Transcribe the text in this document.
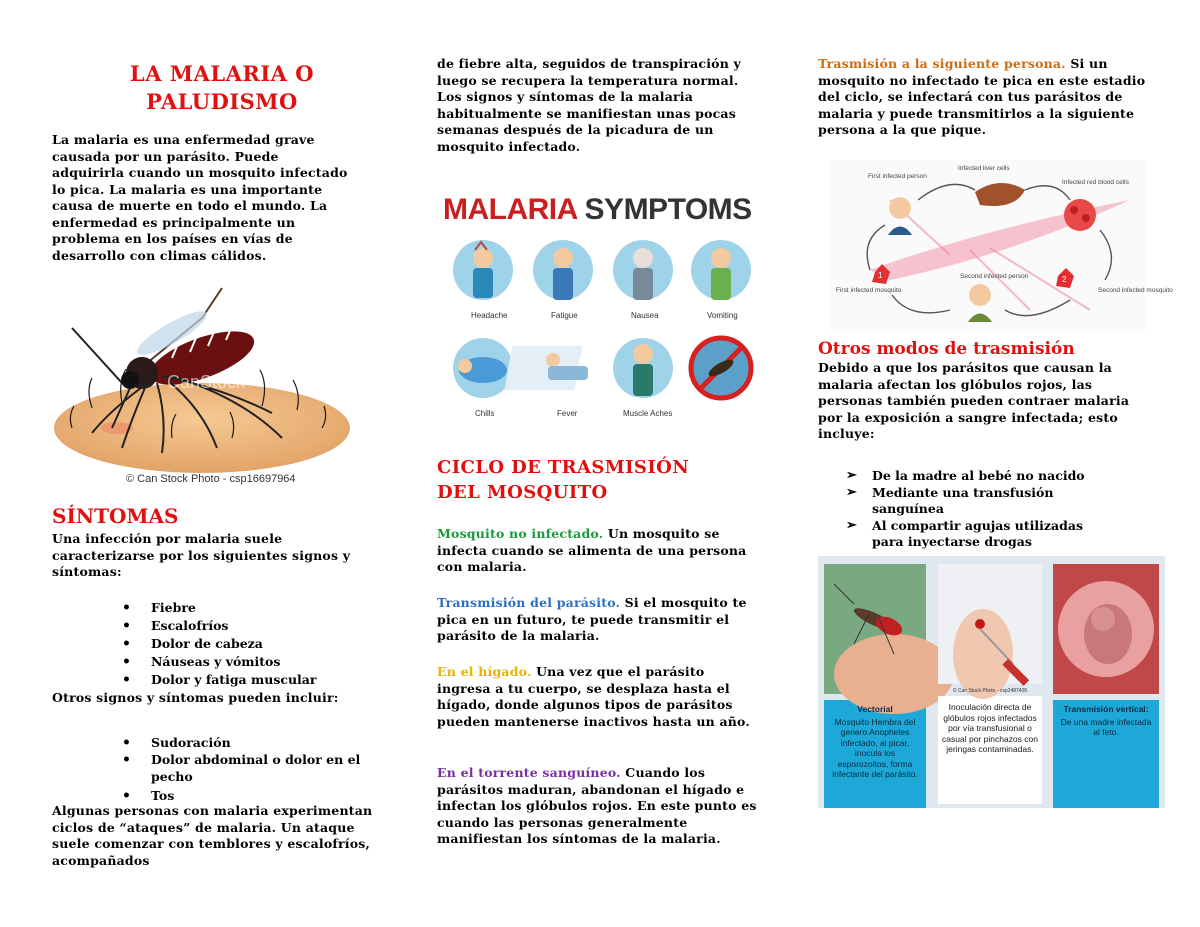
LA MALARIA O
PALUDISMO

La malaria es una enfermedad grave causada por un parásito. Puede adquirirla cuando un mosquito infectado lo pica. La malaria es una importante causa de muerte en todo el mundo. La enfermedad es principalmente un problema en los países en vías de desarrollo con climas cálidos.

CanStock
© Can Stock Photo - csp16697964
SÍNTOMAS

Una infección por malaria suele caracterizarse por los siguientes signos y síntomas:

• Fiebre
• Escalofríos
• Dolor de cabeza
• Náuseas y vómitos
• Dolor y fatiga muscular

Otros signos y síntomas pueden incluir:

• Sudoración
• Dolor abdominal o dolor en el pecho
• Tos

Algunas personas con malaria experimentan ciclos de “ataques” de malaria. Un ataque suele comenzar con temblores y escalofríos, acompañados

de fiebre alta, seguidos de transpiración y luego se recupera la temperatura normal. Los signos y síntomas de la malaria habitualmente se manifiestan unas pocas semanas después de la picadura de un mosquito infectado.

MALARIA SYMPTOMS
Headache	Fatigue	Nausea	Vomiting
Chills	Fever	Muscle Aches
CICLO DE TRASMISIÓN
DEL MOSQUITO

Mosquito no infectado. Un mosquito se infecta cuando se alimenta de una persona con malaria.

Transmisión del parásito. Si el mosquito te pica en un futuro, te puede transmitir el parásito de la malaria.

En el hígado. Una vez que el parásito ingresa a tu cuerpo, se desplaza hasta el hígado, donde algunos tipos de parásitos pueden mantenerse inactivos hasta un año.

En el torrente sanguíneo. Cuando los parásitos maduran, abandonan el hígado e infectan los glóbulos rojos. En este punto es cuando las personas generalmente manifiestan los síntomas de la malaria.

Trasmisión a la siguiente persona. Si un mosquito no infectado te pica en este estadio del ciclo, se infectará con tus parásitos de malaria y puede transmitirlos a la siguiente persona a la que pique.

First infected person
Infected liver cells
Infected red blood cells
1
First infected mosquito
2
Second infected mosquito
Second infected person
Otros modos de trasmisión

Debido a que los parásitos que causan la malaria afectan los glóbulos rojos, las personas también pueden contraer malaria por la exposición a sangre infectada; esto incluye:

➢ De la madre al bebé no nacido
➢ Mediante una transfusión sanguínea
➢ Al compartir agujas utilizadas para inyectarse drogas
Vectorial
Mosquito Hembra del genero Anopheles infectado, al picar, inocula los esporozoitos, forma infectante del parásito.
© Can Stock Photo - csp2487405
Inoculación directa de glóbulos rojos infectados por vía transfusional o casual por pinchazos con jeringas contaminadas.
Transmisión vertical:
De una madre infectada al feto.
